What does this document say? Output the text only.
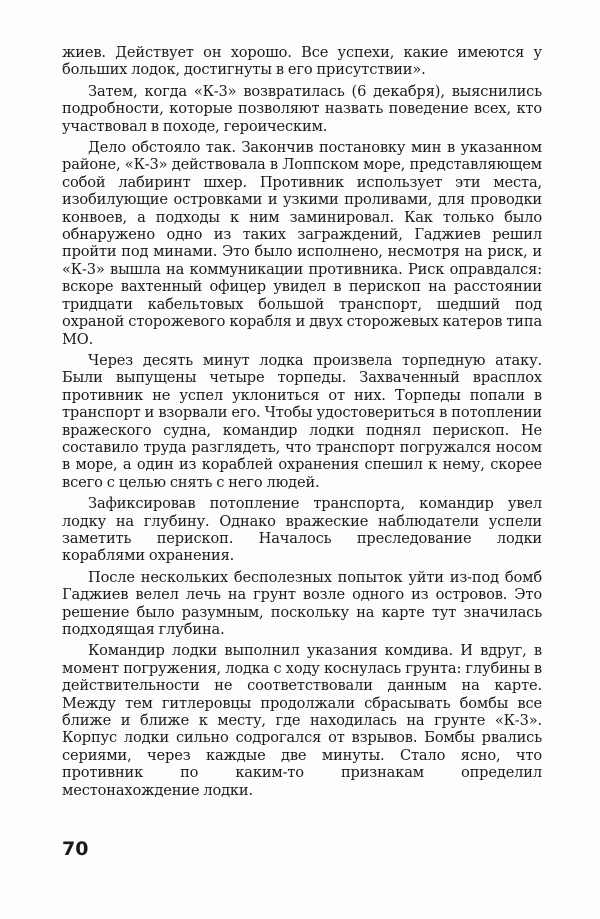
жиев. Действует он хорошо. Все успехи, какие имеются у больших лодок, достигнуты в его присутствии».

Затем, когда «К-3» возвратилась (6 декабря), выяснились подробности, которые позволяют назвать поведение всех, кто участвовал в походе, героическим.

Дело обстояло так. Закончив постановку мин в указанном районе, «К-3» действовала в Лоппском море, представляющем собой лабиринт шхер. Противник использует эти места, изобилующие островками и узкими проливами, для проводки конвоев, а подходы к ним заминировал. Как только было обнаружено одно из таких заграждений, Гаджиев решил пройти под минами. Это было исполнено, несмотря на риск, и «К-3» вышла на коммуникации противника. Риск оправдался: вскоре вахтенный офицер увидел в перископ на расстоянии тридцати кабельтовых большой транспорт, шедший под охраной сторожевого корабля и двух сторожевых катеров типа МО.

Через десять минут лодка произвела торпедную атаку. Были выпущены четыре торпеды. Захваченный врасплох противник не успел уклониться от них. Торпеды попали в транспорт и взорвали его. Чтобы удостовериться в потоплении вражеского судна, командир лодки поднял перископ. Не составило труда разглядеть, что транспорт погружался носом в море, а один из кораблей охранения спешил к нему, скорее всего с целью снять с него людей.

Зафиксировав потопление транспорта, командир увел лодку на глубину. Однако вражеские наблюдатели успели заметить перископ. Началось преследование лодки кораблями охранения.

После нескольких бесполезных попыток уйти из-под бомб Гаджиев велел лечь на грунт возле одного из островов. Это решение было разумным, поскольку на карте тут значилась подходящая глубина.

Командир лодки выполнил указания комдива. И вдруг, в момент погружения, лодка с ходу коснулась грунта: глубины в действительности не соответствовали данным на карте. Между тем гитлеровцы продолжали сбрасывать бомбы все ближе и ближе к месту, где находилась на грунте «К-3». Корпус лодки сильно содрогался от взрывов. Бомбы рвались сериями, через каждые две минуты. Стало ясно, что противник по каким-то признакам определил местонахождение лодки.

70
